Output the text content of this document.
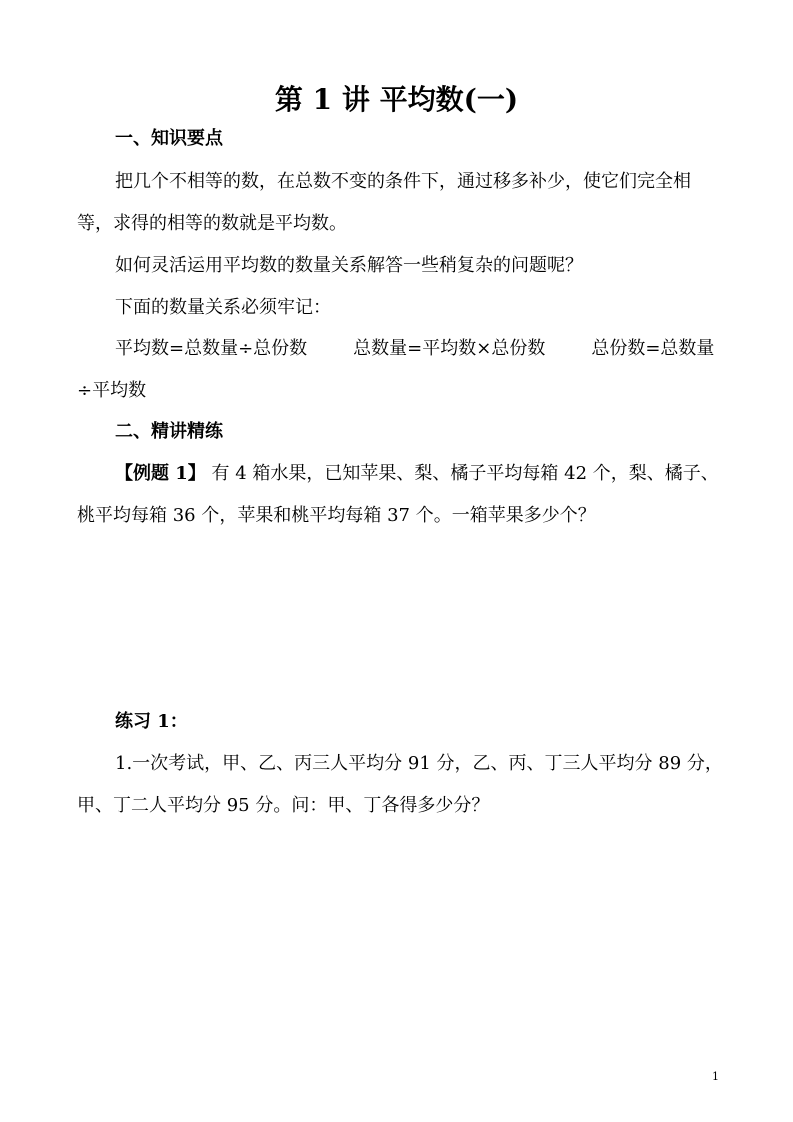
第 1 讲 平均数(一)
一、知识要点
把几个不相等的数，在总数不变的条件下，通过移多补少，使它们完全相
等，求得的相等的数就是平均数。
如何灵活运用平均数的数量关系解答一些稍复杂的问题呢？
下面的数量关系必须牢记：
平均数=总数量÷总份数	总数量=平均数×总份数	总份数=总数量
÷平均数
二、精讲精练
【例题 1】 有 4 箱水果，已知苹果、梨、橘子平均每箱 42 个，梨、橘子、
桃平均每箱 36 个，苹果和桃平均每箱 37 个。一箱苹果多少个？
练习 1：
1.一次考试，甲、乙、丙三人平均分 91 分，乙、丙、丁三人平均分 89 分，
甲、丁二人平均分 95 分。问：甲、丁各得多少分？
1
